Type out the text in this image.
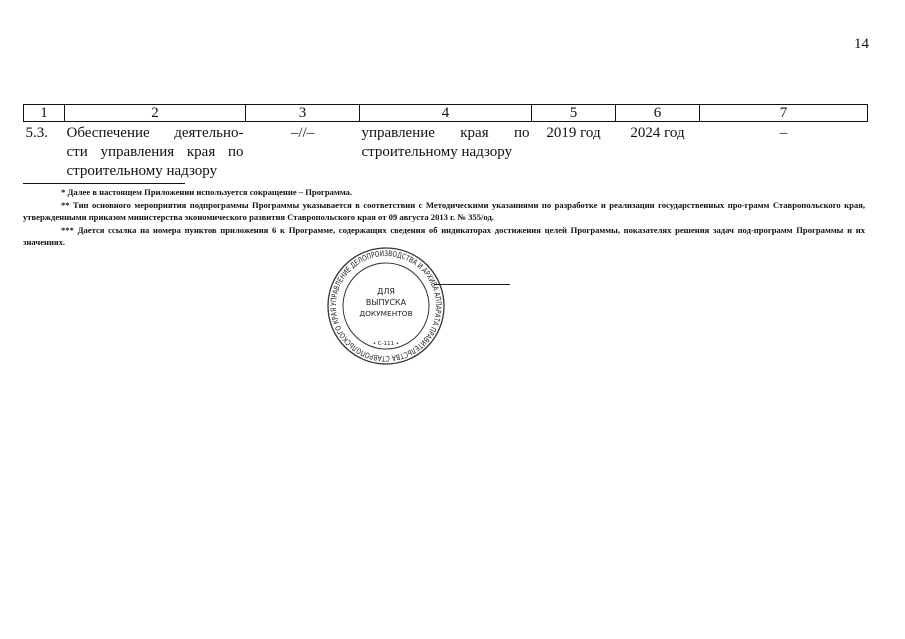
14
1	2	3	4	5	6	7
5.3.	Обеспечение деятельно-сти управления края по строительному надзору	–//–	управление края по строительному надзору	2019 год	2024 год	–

* Далее в настоящем Приложении используется сокращение – Программа.

** Тип основного мероприятия подпрограммы Программы указывается в соответствии с Методическими указаниями по разработке и реализации государственных про-грамм Ставропольского края, утвержденными приказом министерства экономического развития Ставропольского края от 09 августа 2013 г. № 355/од.

*** Дается ссылка на номера пунктов приложения 6 к Программе, содержащих сведения об индикаторах достижения целей Программы, показателях решения задач под-программ Программы и их значениях.

УПРАВЛЕНИЕ ДЕЛОПРОИЗВОДСТВА И АРХИВА АППАРАТА ПРАВИТЕЛЬСТВА СТАВРОПОЛЬСКОГО КРАЯ
ДЛЯ
ВЫПУСКА
ДОКУМЕНТОВ
• С-111 •
